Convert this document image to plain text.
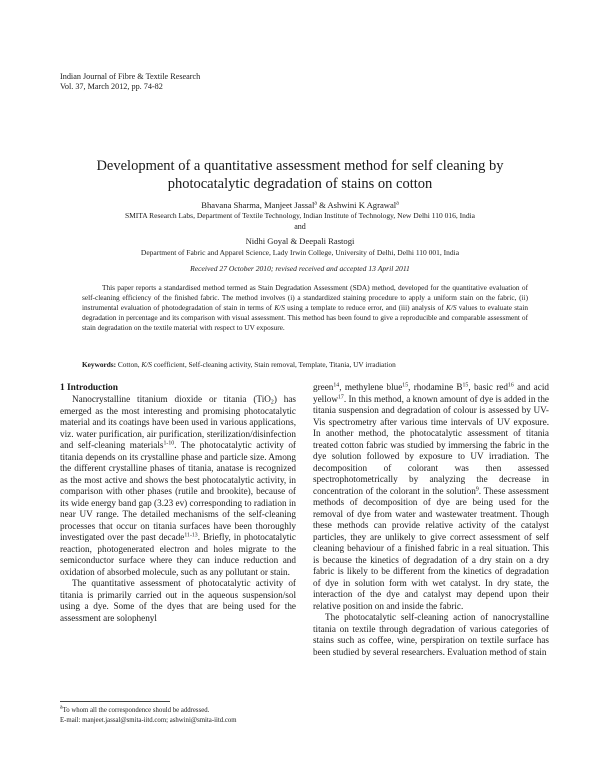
Indian Journal of Fibre & Textile Research
Vol. 37, March 2012, pp. 74-82
Development of a quantitative assessment method for self cleaning by
photocatalytic degradation of stains on cotton
Bhavana Sharma, Manjeet Jassal$^a$ & Ashwini K Agrawal$^a$
SMITA Research Labs, Department of Textile Technology, Indian Institute of Technology, New Delhi 110 016, India
and
Nidhi Goyal & Deepali Rastogi
Department of Fabric and Apparel Science, Lady Irwin College, University of Delhi, Delhi 110 001, India
Received 27 October 2010; revised received and accepted 13 April 2011
This paper reports a standardised method termed as Stain Degradation Assessment (SDA) method, developed for the quantitative evaluation of self-cleaning efficiency of the finished fabric. The method involves (i) a standardized staining procedure to apply a uniform stain on the fabric, (ii) instrumental evaluation of photodegradation of stain in terms of K/S using a template to reduce error, and (iii) analysis of K/S values to evaluate stain degradation in percentage and its comparison with visual assessment. This method has been found to give a reproducible and comparable assessment of stain degradation on the textile material with respect to UV exposure.
Keywords: Cotton, K/S coefficient, Self-cleaning activity, Stain removal, Template, Titania, UV irradiation
1 Introduction

Nanocrystalline titanium dioxide or titania (TiO$_2$) has emerged as the most interesting and promising photocatalytic material and its coatings have been used in various applications, viz. water purification, air purification, sterilization/disinfection and self-cleaning materials$^{1-10}$. The photocatalytic activity of titania depends on its crystalline phase and particle size. Among the different crystalline phases of titania, anatase is recognized as the most active and shows the best photocatalytic activity, in comparison with other phases (rutile and brookite), because of its wide energy band gap (3.23 ev) corresponding to radiation in near UV range. The detailed mechanisms of the self-cleaning processes that occur on titania surfaces have been thoroughly investigated over the past decade$^{11-13}$. Briefly, in photocatalytic reaction, photogenerated electron and holes migrate to the semiconductor surface where they can induce reduction and oxidation of absorbed molecule, such as any pollutant or stain.

The quantitative assessment of photocatalytic activity of titania is primarily carried out in the aqueous suspension/sol using a dye. Some of the dyes that are being used for the assessment are solophenyl

green$^{14}$, methylene blue$^{15}$, rhodamine $B^{15}$, basic red$^{16}$ and acid yellow$^{17}$. In this method, a known amount of dye is added in the titania suspension and degradation of colour is assessed by UV-Vis spectrometry after various time intervals of UV exposure. In another method, the photocatalytic assessment of titania treated cotton fabric was studied by immersing the fabric in the dye solution followed by exposure to UV irradiation. The decomposition of colorant was then assessed spectrophotometrically by analyzing the decrease in concentration of the colorant in the solution$^9$. These assessment methods of decomposition of dye are being used for the removal of dye from water and wastewater treatment. Though these methods can provide relative activity of the catalyst particles, they are unlikely to give correct assessment of self cleaning behaviour of a finished fabric in a real situation. This is because the kinetics of degradation of a dry stain on a dry fabric is likely to be different from the kinetics of degradation of dye in solution form with wet catalyst. In dry state, the interaction of the dye and catalyst may depend upon their relative position on and inside the fabric.

The photocatalytic self-cleaning action of nanocrystalline titania on textile through degradation of various categories of stains such as coffee, wine, perspiration on textile surface has been studied by several researchers. Evaluation method of stain

$^a$To whom all the correspondence should be addressed.
E-mail: manjeet.jassal@smita-iitd.com; ashwini@smita-iitd.com
